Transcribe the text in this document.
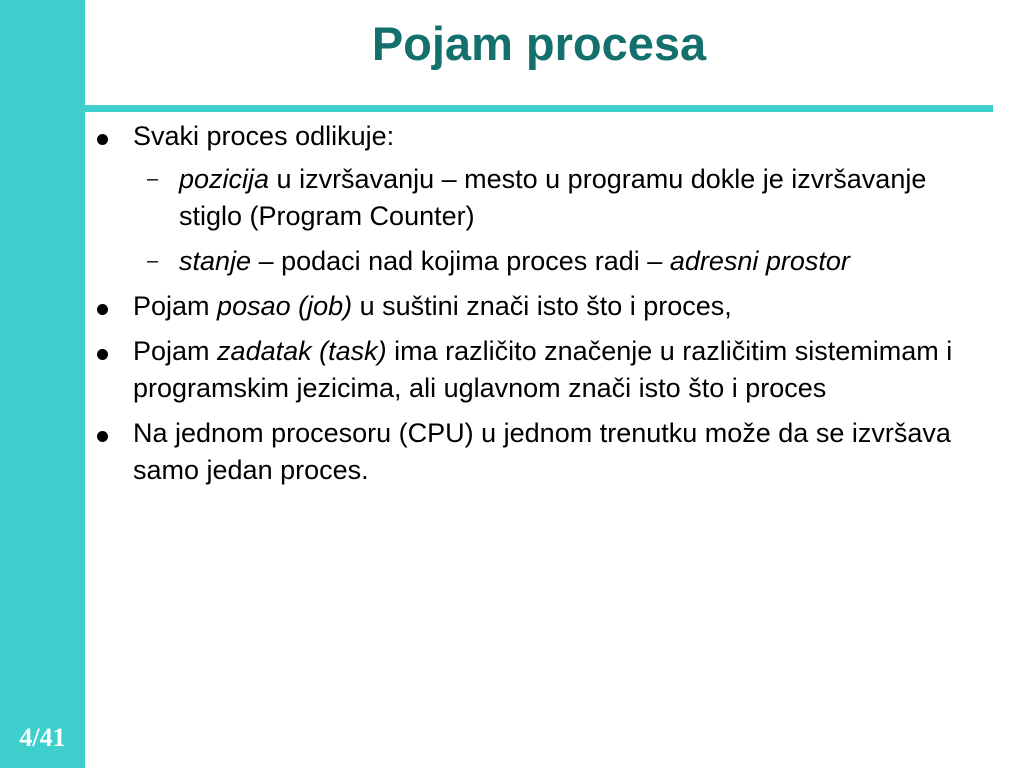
4/41
Pojam procesa

Svaki proces odlikuje:

– pozicija u izvršavanju – mesto u programu dokle je izvršavanje stiglo (Program Counter)

– stanje – podaci nad kojima proces radi – adresni prostor

Pojam posao (job) u suštini znači isto što i proces,

Pojam zadatak (task) ima različito značenje u različitim sistemimam i programskim jezicima, ali uglavnom znači isto što i proces

Na jednom procesoru (CPU) u jednom trenutku može da se izvršava samo jedan proces.
